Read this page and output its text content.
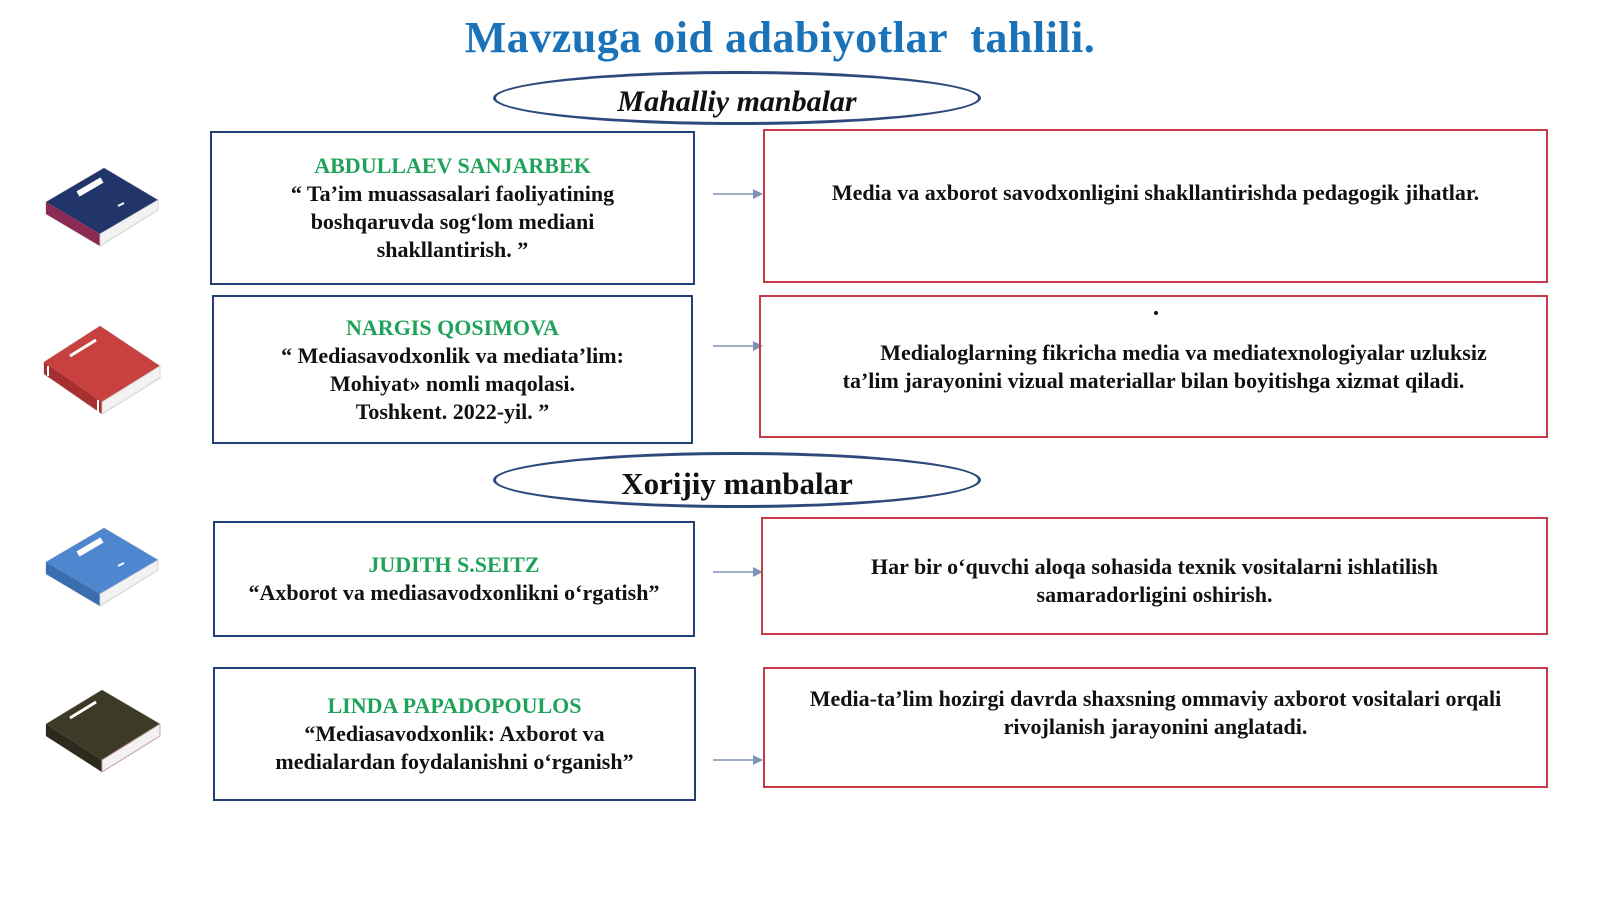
Mavzuga oid adabiyotlar  tahlili.
Mahalliy manbalar
Xorijiy manbalar
ABDULLAEV SANJARBEK
“ Ta’im muassasalari faoliyatining
boshqaruvda sog‘lom mediani
shakllantirish. ”
Media va axborot savodxonligini shakllantirishda pedagogik jihatlar.
NARGIS QOSIMOVA
“ Mediasavodxonlik va mediata’lim:
Mohiyat» nomli maqolasi.
Toshkent. 2022-yil. ”
Medialoglarning fikricha media va mediatexnologiyalar uzluksiz
ta’lim jarayonini vizual materiallar bilan boyitishga xizmat qiladi.
JUDITH S.SEITZ
“Axborot va mediasavodxonlikni o‘rgatish”
Har bir o‘quvchi aloqa sohasida texnik vositalarni ishlatilish
samaradorligini oshirish.
LINDA PAPADOPOULOS
“Mediasavodxonlik: Axborot va
medialardan foydalanishni o‘rganish”
Media-ta’lim hozirgi davrda shaxsning ommaviy axborot vositalari orqali
rivojlanish jarayonini anglatadi.
